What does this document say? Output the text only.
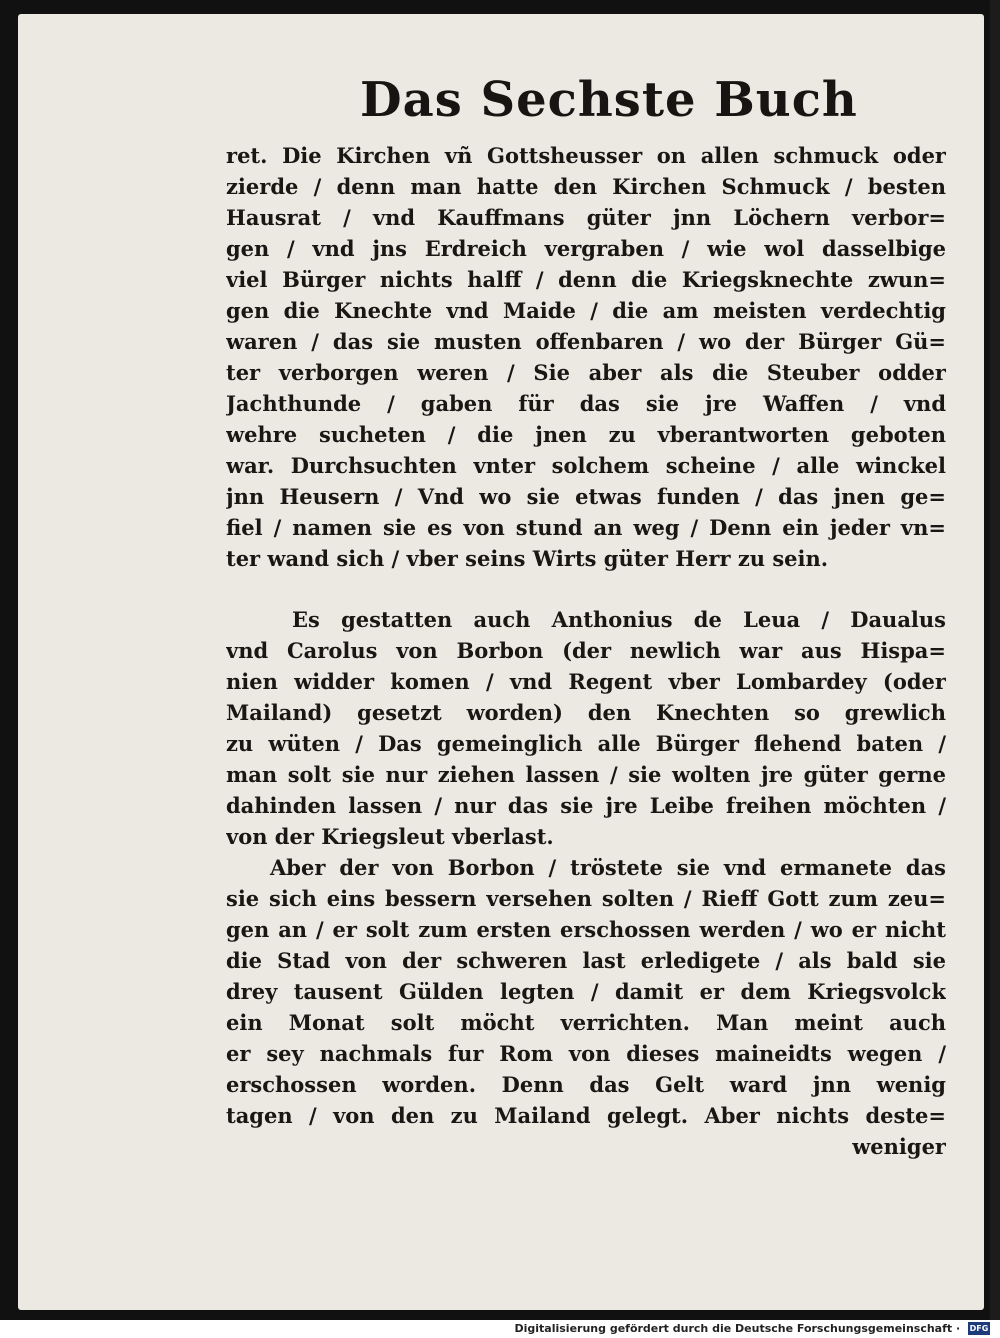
Das Sechste Buch
ret. Die Kirchen vñ Gottsheusser on allen schmuck oder
zierde / denn man hatte den Kirchen Schmuck / besten
Hausrat / vnd Kauffmans güter jnn Löchern verbor=
gen / vnd jns Erdreich vergraben / wie wol dasselbige
viel Bürger nichts halff / denn die Kriegsknechte zwun=
gen die Knechte vnd Maide / die am meisten verdechtig
waren / das sie musten offenbaren / wo der Bürger Gü=
ter verborgen weren / Sie aber als die Steuber odder
Jachthunde / gaben für das sie jre Waffen / vnd
wehre sucheten / die jnen zu vberantworten geboten
war. Durchsuchten vnter solchem scheine / alle winckel
jnn Heusern / Vnd wo sie etwas funden / das jnen ge=
fiel / namen sie es von stund an weg / Denn ein jeder vn=
ter wand sich / vber seins Wirts güter Herr zu sein.
Es gestatten auch Anthonius de Leua / Daualus
vnd Carolus von Borbon (der newlich war aus Hispa=
nien widder komen / vnd Regent vber Lombardey (oder
Mailand) gesetzt worden) den Knechten so grewlich
zu wüten / Das gemeinglich alle Bürger flehend baten /
man solt sie nur ziehen lassen / sie wolten jre güter gerne
dahinden lassen / nur das sie jre Leibe freihen möchten /
von der Kriegsleut vberlast.
Aber der von Borbon / tröstete sie vnd ermanete das
sie sich eins bessern versehen solten / Rieff Gott zum zeu=
gen an / er solt zum ersten erschossen werden / wo er nicht
die Stad von der schweren last erledigete / als bald sie
drey tausent Gülden legten / damit er dem Kriegsvolck
ein Monat solt möcht verrichten. Man meint auch
er sey nachmals fur Rom von dieses maineidts wegen /
erschossen worden. Denn das Gelt ward jnn wenig
tagen / von den zu Mailand gelegt. Aber nichts deste=
weniger
Digitalisierung gefördert durch die Deutsche Forschungsgemeinschaft · DFG
